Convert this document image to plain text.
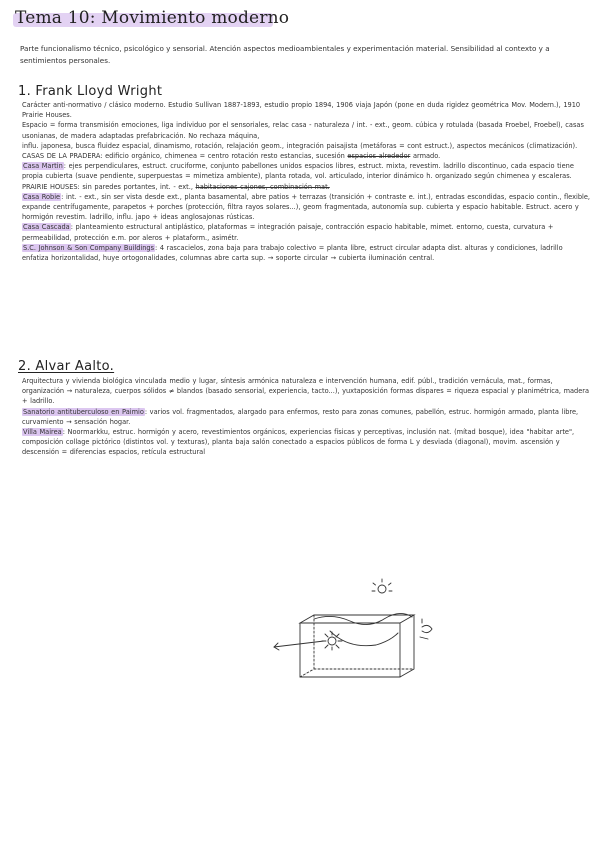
Tema 10: Movimiento moderno
Parte funcionalismo técnico, psicológico y sensorial. Atención aspectos medioambientales y experimentación material. Sensibilidad al contexto y a sentimientos personales.
1. Frank Lloyd Wright
Carácter anti-normativo / clásico moderno. Estudio Sullivan 1887-1893, estudio propio 1894, 1906 viaja Japón (pone en duda rigidez geométrica Mov. Modern.), 1910 Prairie Houses.
Espacio = forma transmisión emociones, liga individuo por el sensoriales, relac casa - naturaleza / int. - ext., geom. cúbica y rotulada (basada Froebel, Froebel), casas usonianas, de madera adaptadas prefabricación. No rechaza máquina,
influ. japonesa, busca fluidez espacial, dinamismo, rotación, relajación geom., integración paisajista (metáforas = cont estruct.), aspectos mecánicos (climatización).
CASAS DE LA PRADERA: edificio orgánico, chimenea = centro rotación resto estancias, sucesión espacios alrededor armado.
Casa Martin: ejes perpendiculares, estruct. cruciforme, conjunto pabellones unidos espacios libres, estruct. mixta, revestim. ladrillo discontinuo, cada espacio tiene propia cubierta (suave pendiente, superpuestas = mimetiza ambiente), planta rotada, vol. articulado, interior dinámico h. organizado según chimenea y escaleras.
PRAIRIE HOUSES: sin paredes portantes, int. - ext., habitaciones cajones, combinación mat.
Casa Robie: int. - ext., sin ser vista desde ext., planta basamental, abre patios + terrazas (transición + contraste e. int.), entradas escondidas, espacio contin., flexible, expande centrífugamente, parapetos + porches (protección, filtra rayos solares...), geom fragmentada, autonomía sup. cubierta y espacio habitable. Estruct. acero y hormigón revestim. ladrillo, influ. japo + ideas anglosajonas rústicas.
Casa Cascada: planteamiento estructural antiplástico, plataformas = integración paisaje, contracción espacio habitable, mimet. entorno, cuesta, curvatura + permeabilidad, protección e.m. por aleros + plataform., asimétr.
S.C. Johnson & Son Company Buildings: 4 rascacielos, zona baja para trabajo colectivo = planta libre, estruct circular adapta dist. alturas y condiciones, ladrillo enfatiza horizontalidad, huye ortogonalidades, columnas abre carta sup. → soporte circular → cubierta iluminación central.
2. Alvar Aalto.
Arquitectura y vivienda biológica vinculada medio y lugar, síntesis armónica naturaleza e intervención humana, edif. públ., tradición vernácula, mat., formas, organización → naturaleza, cuerpos sólidos ≠ blandos (basado sensorial, experiencia, tacto...), yuxtaposición formas dispares = riqueza espacial y planimétrica, madera + ladrillo.
Sanatorio antituberculoso en Paimio: varios vol. fragmentados, alargado para enfermos, resto para zonas comunes, pabellón, estruc. hormigón armado, planta libre, curvamiento → sensación hogar.
Villa Mairea: Noormarkku, estruc. hormigón y acero, revestimientos orgánicos, experiencias físicas y perceptivas, inclusión nat. (mítad bosque), idea "habitar arte", composición collage pictórico (distintos vol. y texturas), planta baja salón conectado a espacios públicos de forma L y desviada (diagonal), movim. ascensión y descensión = diferencias espacios, retícula estructural
